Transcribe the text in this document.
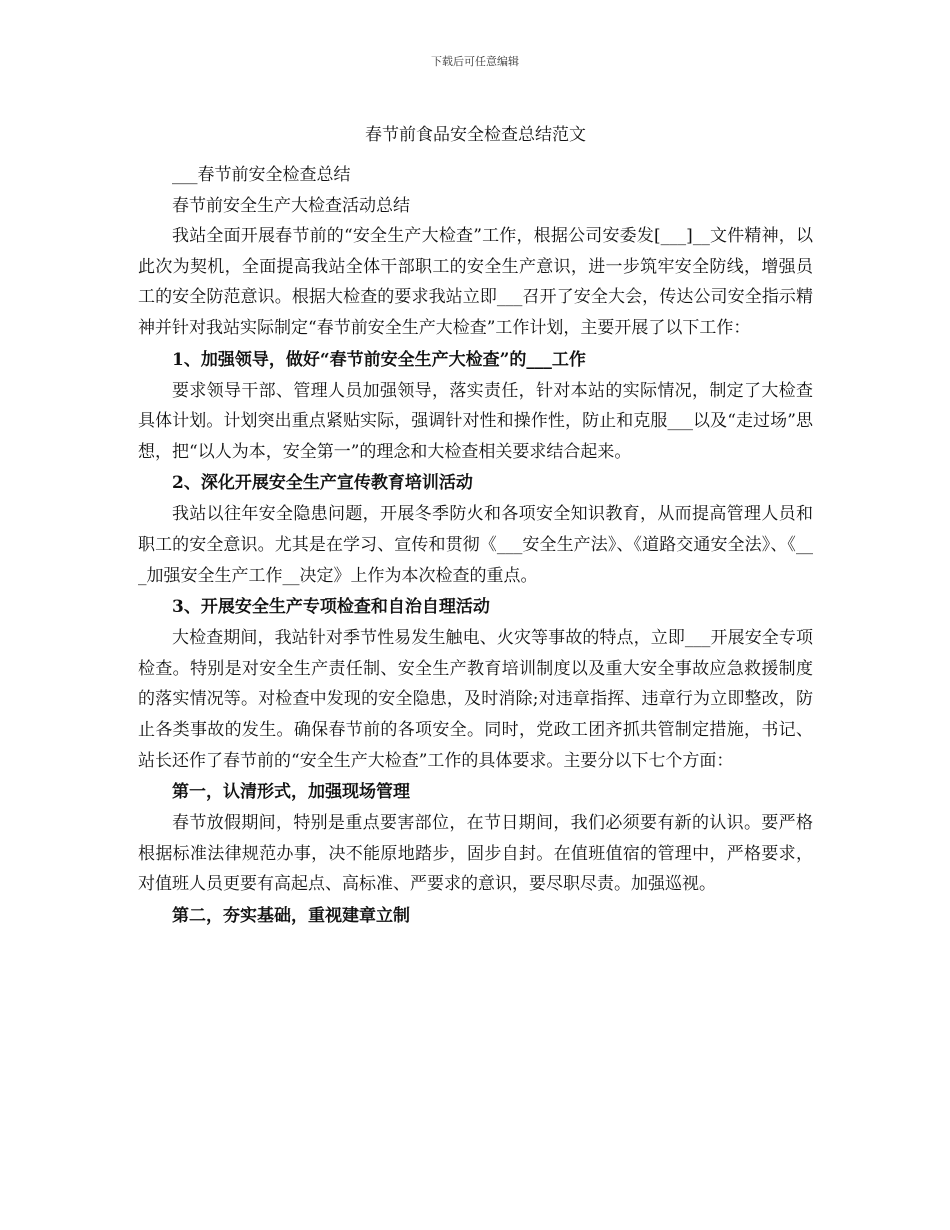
下载后可任意编辑
春节前食品安全检查总结范文

___春节前安全检查总结

春节前安全生产大检查活动总结

我站全面开展春节前的“安全生产大检查”工作，根据公司安委发[___]__文件精神，以此次为契机，全面提高我站全体干部职工的安全生产意识，进一步筑牢安全防线，增强员工的安全防范意识。根据大检查的要求我站立即___召开了安全大会，传达公司安全指示精神并针对我站实际制定“春节前安全生产大检查”工作计划，主要开展了以下工作：

1、加强领导，做好“春节前安全生产大检查”的___工作

要求领导干部、管理人员加强领导，落实责任，针对本站的实际情况，制定了大检查具体计划。计划突出重点紧贴实际，强调针对性和操作性，防止和克服___以及“走过场”思想，把“以人为本，安全第一”的理念和大检查相关要求结合起来。

2、深化开展安全生产宣传教育培训活动

我站以往年安全隐患问题，开展冬季防火和各项安全知识教育，从而提高管理人员和职工的安全意识。尤其是在学习、宣传和贯彻《___安全生产法》、《道路交通安全法》、《___加强安全生产工作__决定》上作为本次检查的重点。

3、开展安全生产专项检查和自治自理活动

大检查期间，我站针对季节性易发生触电、火灾等事故的特点，立即___开展安全专项检查。特别是对安全生产责任制、安全生产教育培训制度以及重大安全事故应急救援制度的落实情况等。对检查中发现的安全隐患，及时消除;对违章指挥、违章行为立即整改，防止各类事故的发生。确保春节前的各项安全。同时，党政工团齐抓共管制定措施，书记、站长还作了春节前的“安全生产大检查”工作的具体要求。主要分以下七个方面：

第一，认清形式，加强现场管理

春节放假期间，特别是重点要害部位，在节日期间，我们必须要有新的认识。要严格根据标准法律规范办事，决不能原地踏步，固步自封。在值班值宿的管理中，严格要求，对值班人员更要有高起点、高标准、严要求的意识，要尽职尽责。加强巡视。

第二，夯实基础，重视建章立制
